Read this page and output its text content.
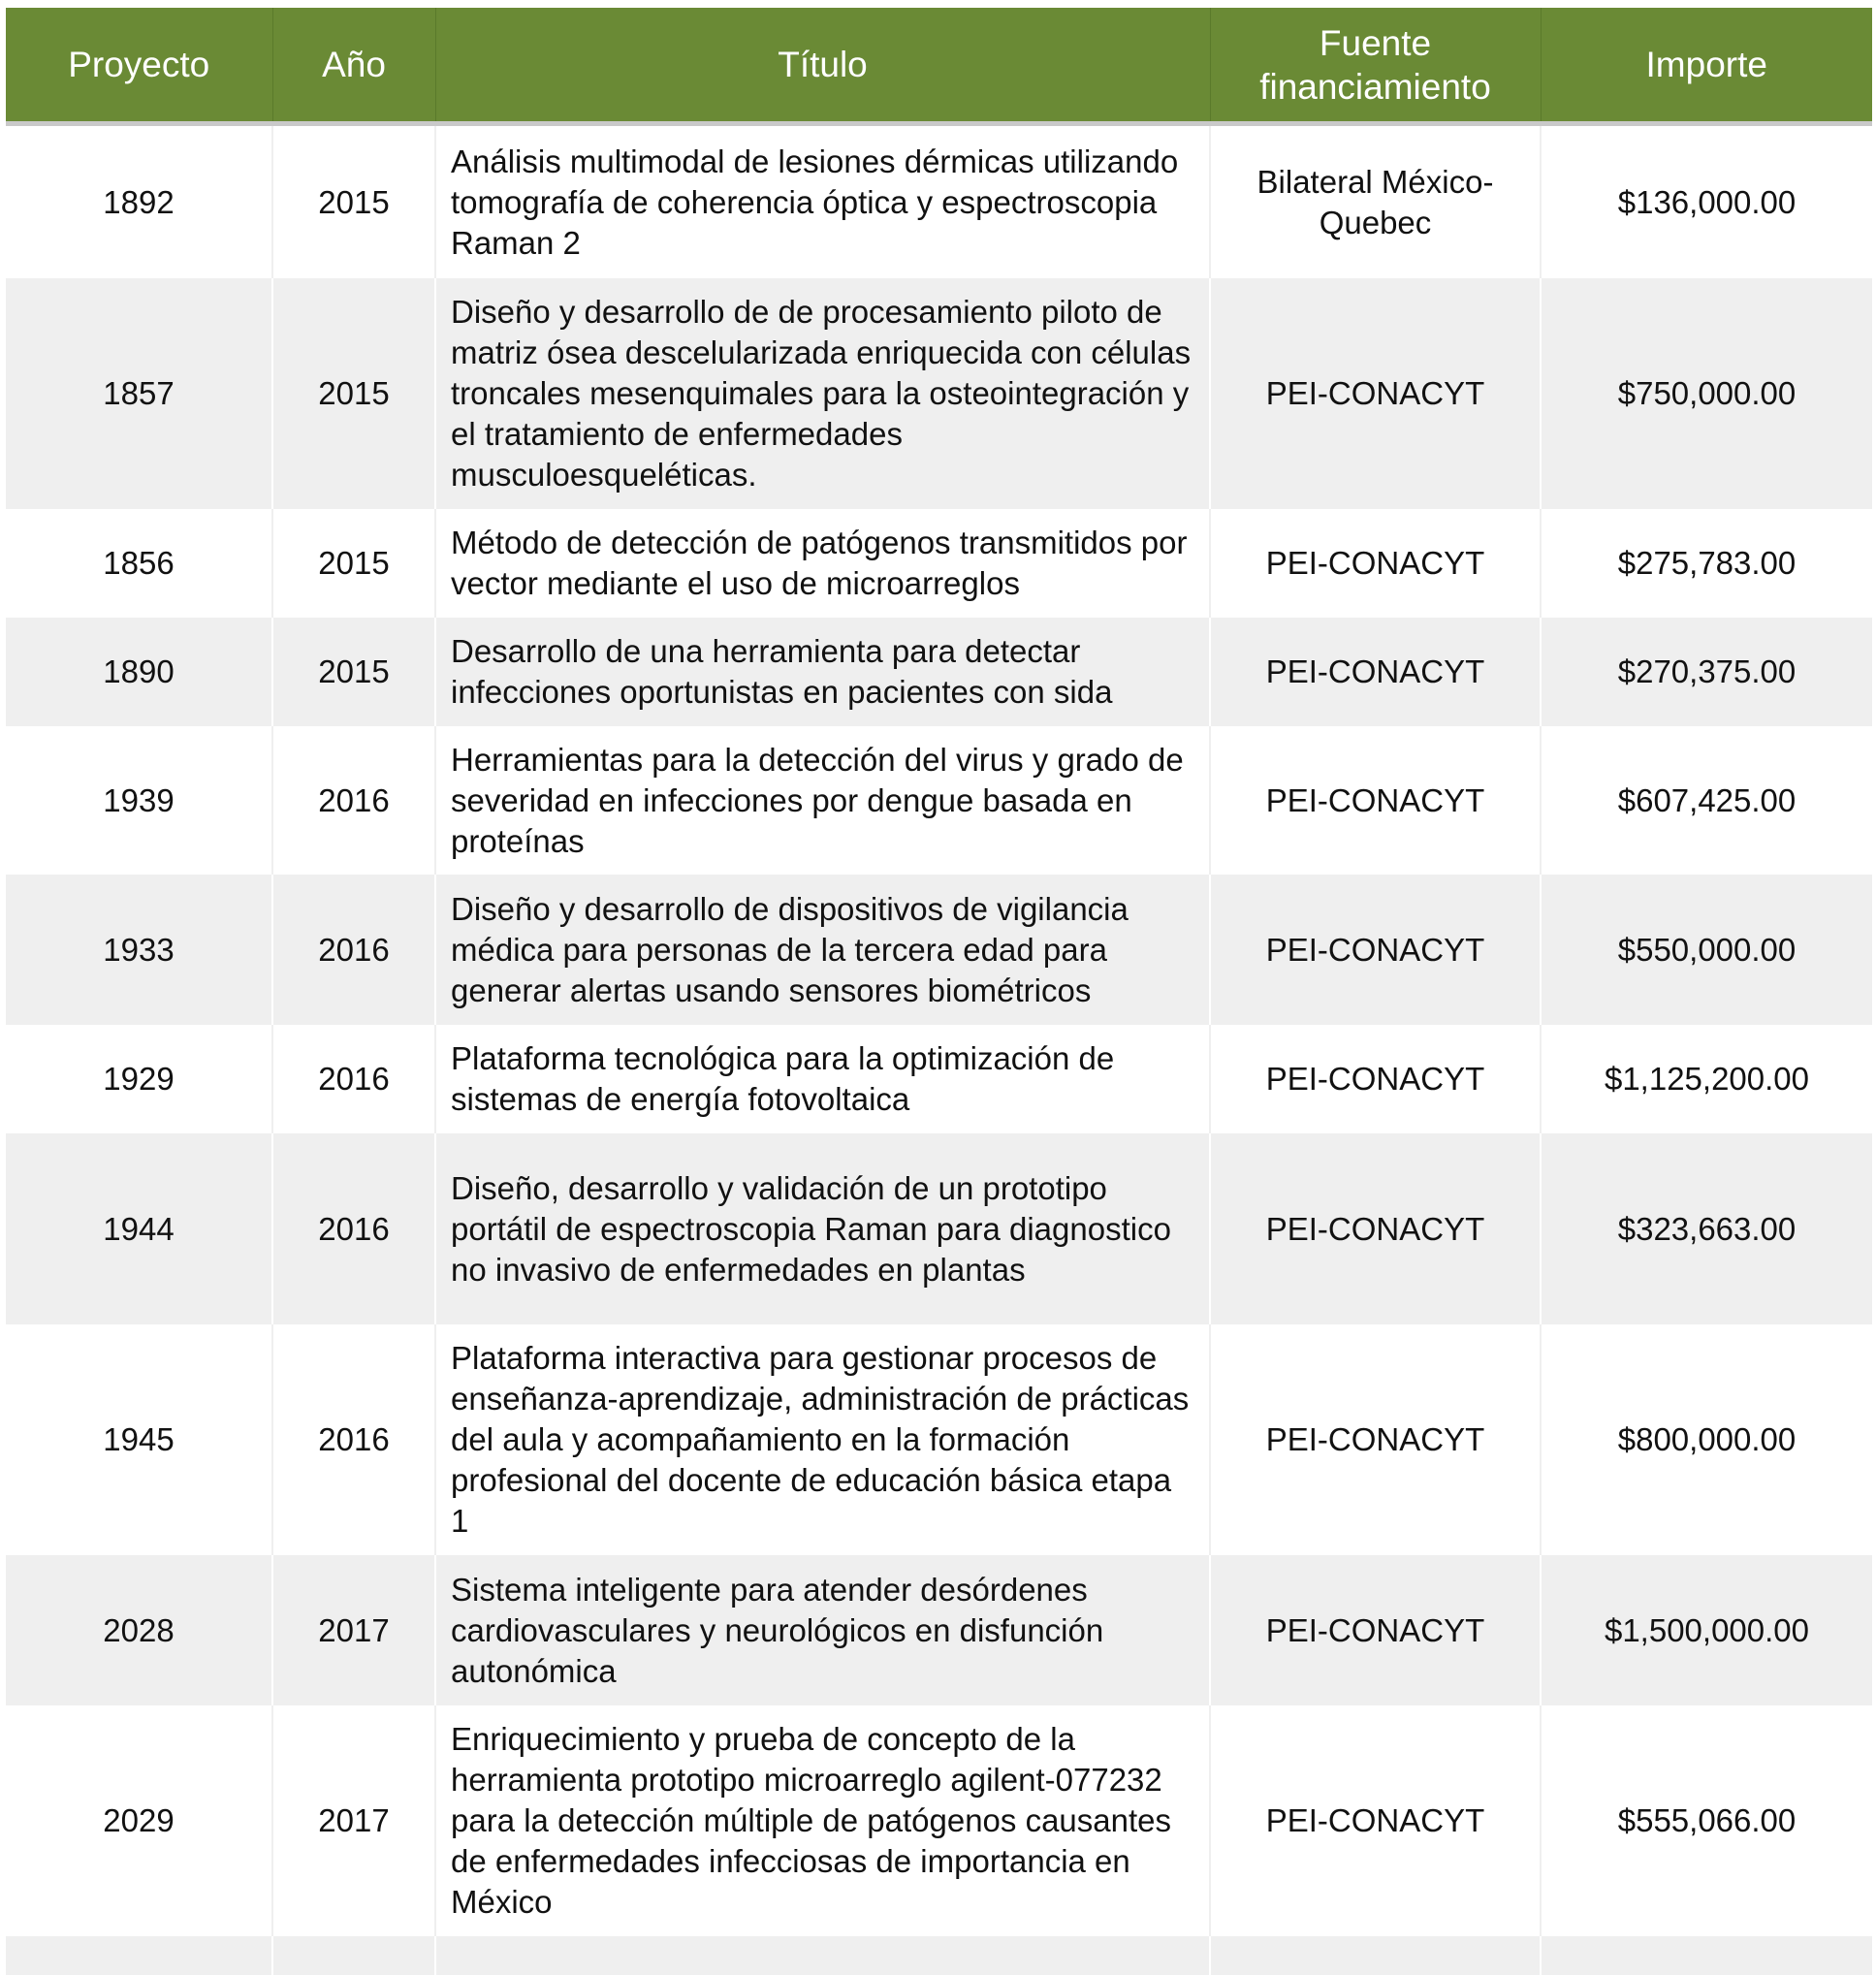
Proyecto	Año	Título	Fuente financiamiento	Importe
1892	2015	Análisis multimodal de lesiones dérmicas utilizando tomografía de coherencia óptica y espectroscopia Raman 2	Bilateral México-Quebec	$136,000.00
1857	2015	Diseño y desarrollo de de procesamiento piloto de matriz ósea descelularizada enriquecida con células troncales mesenquimales para la osteointegración y el tratamiento de enfermedades musculoesqueléticas.	PEI-CONACYT	$750,000.00
1856	2015	Método de detección de patógenos transmitidos por vector mediante el uso de microarreglos	PEI-CONACYT	$275,783.00
1890	2015	Desarrollo de una herramienta para detectar infecciones oportunistas en pacientes con sida	PEI-CONACYT	$270,375.00
1939	2016	Herramientas para la detección del virus y grado de severidad en infecciones por dengue basada en proteínas	PEI-CONACYT	$607,425.00
1933	2016	Diseño y desarrollo de dispositivos de vigilancia médica para personas de la tercera edad para generar alertas usando sensores biométricos	PEI-CONACYT	$550,000.00
1929	2016	Plataforma tecnológica para la optimización de sistemas de energía fotovoltaica	PEI-CONACYT	$1,125,200.00
1944	2016	Diseño, desarrollo y validación de un prototipo portátil de espectroscopia Raman para diagnostico no invasivo de enfermedades en plantas	PEI-CONACYT	$323,663.00
1945	2016	Plataforma interactiva para gestionar procesos de enseñanza-aprendizaje, administración de prácticas del aula y acompañamiento en la formación profesional del docente de educación básica etapa 1	PEI-CONACYT	$800,000.00
2028	2017	Sistema inteligente para atender desórdenes cardiovasculares y neurológicos en disfunción autonómica	PEI-CONACYT	$1,500,000.00
2029	2017	Enriquecimiento y prueba de concepto de la herramienta prototipo microarreglo agilent-077232 para la detección múltiple de patógenos causantes de enfermedades infecciosas de importancia en México	PEI-CONACYT	$555,066.00
